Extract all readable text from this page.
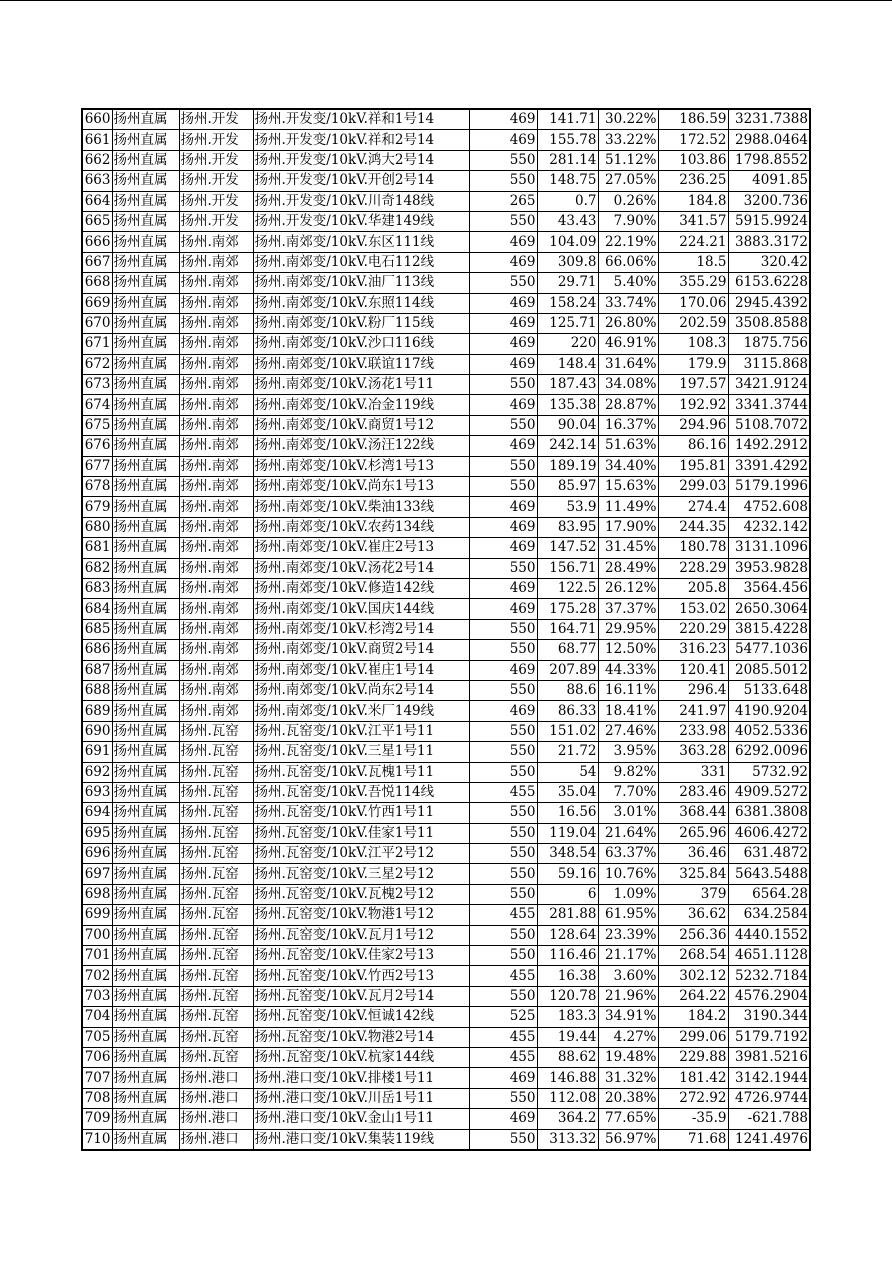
660	扬州直属	扬州.开发	扬州.开发变/10kV.祥和1号14	469	141.71	30.22%	186.59	3231.7388
661	扬州直属	扬州.开发	扬州.开发变/10kV.祥和2号14	469	155.78	33.22%	172.52	2988.0464
662	扬州直属	扬州.开发	扬州.开发变/10kV.鸿大2号14	550	281.14	51.12%	103.86	1798.8552
663	扬州直属	扬州.开发	扬州.开发变/10kV.开创2号14	550	148.75	27.05%	236.25	4091.85
664	扬州直属	扬州.开发	扬州.开发变/10kV.川奇148线	265	0.7	0.26%	184.8	3200.736
665	扬州直属	扬州.开发	扬州.开发变/10kV.华建149线	550	43.43	7.90%	341.57	5915.9924
666	扬州直属	扬州.南郊	扬州.南郊变/10kV.东区111线	469	104.09	22.19%	224.21	3883.3172
667	扬州直属	扬州.南郊	扬州.南郊变/10kV.电石112线	469	309.8	66.06%	18.5	320.42
668	扬州直属	扬州.南郊	扬州.南郊变/10kV.油厂113线	550	29.71	5.40%	355.29	6153.6228
669	扬州直属	扬州.南郊	扬州.南郊变/10kV.东照114线	469	158.24	33.74%	170.06	2945.4392
670	扬州直属	扬州.南郊	扬州.南郊变/10kV.粉厂115线	469	125.71	26.80%	202.59	3508.8588
671	扬州直属	扬州.南郊	扬州.南郊变/10kV.沙口116线	469	220	46.91%	108.3	1875.756
672	扬州直属	扬州.南郊	扬州.南郊变/10kV.联谊117线	469	148.4	31.64%	179.9	3115.868
673	扬州直属	扬州.南郊	扬州.南郊变/10kV.汤花1号11	550	187.43	34.08%	197.57	3421.9124
674	扬州直属	扬州.南郊	扬州.南郊变/10kV.冶金119线	469	135.38	28.87%	192.92	3341.3744
675	扬州直属	扬州.南郊	扬州.南郊变/10kV.商贸1号12	550	90.04	16.37%	294.96	5108.7072
676	扬州直属	扬州.南郊	扬州.南郊变/10kV.汤汪122线	469	242.14	51.63%	86.16	1492.2912
677	扬州直属	扬州.南郊	扬州.南郊变/10kV.杉湾1号13	550	189.19	34.40%	195.81	3391.4292
678	扬州直属	扬州.南郊	扬州.南郊变/10kV.尚东1号13	550	85.97	15.63%	299.03	5179.1996
679	扬州直属	扬州.南郊	扬州.南郊变/10kV.柴油133线	469	53.9	11.49%	274.4	4752.608
680	扬州直属	扬州.南郊	扬州.南郊变/10kV.农药134线	469	83.95	17.90%	244.35	4232.142
681	扬州直属	扬州.南郊	扬州.南郊变/10kV.崔庄2号13	469	147.52	31.45%	180.78	3131.1096
682	扬州直属	扬州.南郊	扬州.南郊变/10kV.汤花2号14	550	156.71	28.49%	228.29	3953.9828
683	扬州直属	扬州.南郊	扬州.南郊变/10kV.修造142线	469	122.5	26.12%	205.8	3564.456
684	扬州直属	扬州.南郊	扬州.南郊变/10kV.国庆144线	469	175.28	37.37%	153.02	2650.3064
685	扬州直属	扬州.南郊	扬州.南郊变/10kV.杉湾2号14	550	164.71	29.95%	220.29	3815.4228
686	扬州直属	扬州.南郊	扬州.南郊变/10kV.商贸2号14	550	68.77	12.50%	316.23	5477.1036
687	扬州直属	扬州.南郊	扬州.南郊变/10kV.崔庄1号14	469	207.89	44.33%	120.41	2085.5012
688	扬州直属	扬州.南郊	扬州.南郊变/10kV.尚东2号14	550	88.6	16.11%	296.4	5133.648
689	扬州直属	扬州.南郊	扬州.南郊变/10kV.米厂149线	469	86.33	18.41%	241.97	4190.9204
690	扬州直属	扬州.瓦窑	扬州.瓦窑变/10kV.江平1号11	550	151.02	27.46%	233.98	4052.5336
691	扬州直属	扬州.瓦窑	扬州.瓦窑变/10kV.三星1号11	550	21.72	3.95%	363.28	6292.0096
692	扬州直属	扬州.瓦窑	扬州.瓦窑变/10kV.瓦槐1号11	550	54	9.82%	331	5732.92
693	扬州直属	扬州.瓦窑	扬州.瓦窑变/10kV.吾悦114线	455	35.04	7.70%	283.46	4909.5272
694	扬州直属	扬州.瓦窑	扬州.瓦窑变/10kV.竹西1号11	550	16.56	3.01%	368.44	6381.3808
695	扬州直属	扬州.瓦窑	扬州.瓦窑变/10kV.佳家1号11	550	119.04	21.64%	265.96	4606.4272
696	扬州直属	扬州.瓦窑	扬州.瓦窑变/10kV.江平2号12	550	348.54	63.37%	36.46	631.4872
697	扬州直属	扬州.瓦窑	扬州.瓦窑变/10kV.三星2号12	550	59.16	10.76%	325.84	5643.5488
698	扬州直属	扬州.瓦窑	扬州.瓦窑变/10kV.瓦槐2号12	550	6	1.09%	379	6564.28
699	扬州直属	扬州.瓦窑	扬州.瓦窑变/10kV.物港1号12	455	281.88	61.95%	36.62	634.2584
700	扬州直属	扬州.瓦窑	扬州.瓦窑变/10kV.瓦月1号12	550	128.64	23.39%	256.36	4440.1552
701	扬州直属	扬州.瓦窑	扬州.瓦窑变/10kV.佳家2号13	550	116.46	21.17%	268.54	4651.1128
702	扬州直属	扬州.瓦窑	扬州.瓦窑变/10kV.竹西2号13	455	16.38	3.60%	302.12	5232.7184
703	扬州直属	扬州.瓦窑	扬州.瓦窑变/10kV.瓦月2号14	550	120.78	21.96%	264.22	4576.2904
704	扬州直属	扬州.瓦窑	扬州.瓦窑变/10kV.恒诚142线	525	183.3	34.91%	184.2	3190.344
705	扬州直属	扬州.瓦窑	扬州.瓦窑变/10kV.物港2号14	455	19.44	4.27%	299.06	5179.7192
706	扬州直属	扬州.瓦窑	扬州.瓦窑变/10kV.杭家144线	455	88.62	19.48%	229.88	3981.5216
707	扬州直属	扬州.港口	扬州.港口变/10kV.排楼1号11	469	146.88	31.32%	181.42	3142.1944
708	扬州直属	扬州.港口	扬州.港口变/10kV.川岳1号11	550	112.08	20.38%	272.92	4726.9744
709	扬州直属	扬州.港口	扬州.港口变/10kV.金山1号11	469	364.2	77.65%	-35.9	-621.788
710	扬州直属	扬州.港口	扬州.港口变/10kV.集装119线	550	313.32	56.97%	71.68	1241.4976
